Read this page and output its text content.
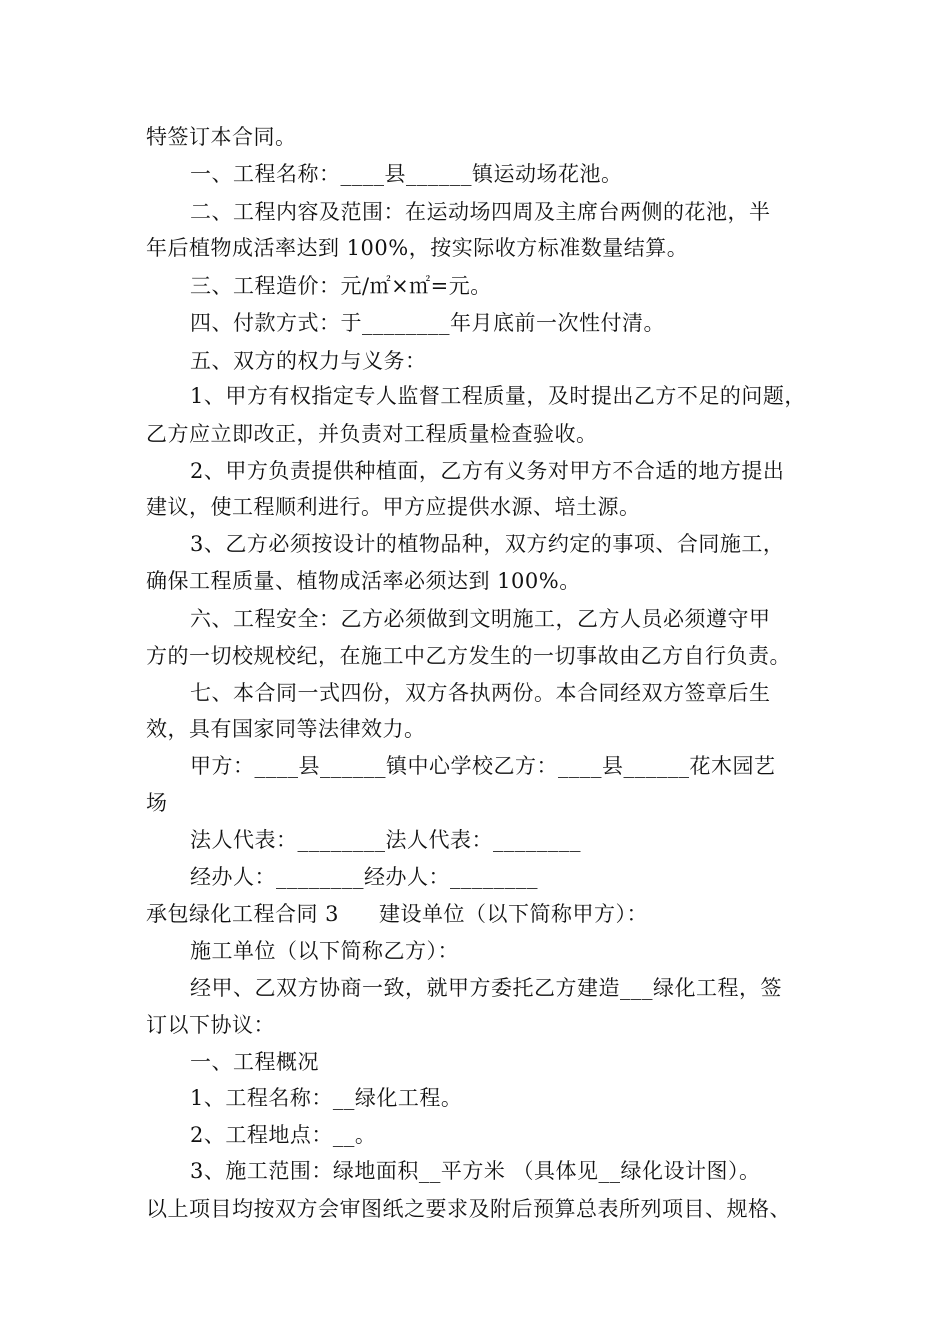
特签订本合同。
一、工程名称：____县______镇运动场花池。
二、工程内容及范围：在运动场四周及主席台两侧的花池，半
年后植物成活率达到 100%，按实际收方标准数量结算。
三、工程造价：元/㎡×㎡=元。
四、付款方式：于________年月底前一次性付清。
五、双方的权力与义务：
1、甲方有权指定专人监督工程质量，及时提出乙方不足的问题，
乙方应立即改正，并负责对工程质量检查验收。
2、甲方负责提供种植面，乙方有义务对甲方不合适的地方提出
建议，使工程顺利进行。甲方应提供水源、培土源。
3、乙方必须按设计的植物品种，双方约定的事项、合同施工，
确保工程质量、植物成活率必须达到 100%。
六、工程安全：乙方必须做到文明施工，乙方人员必须遵守甲
方的一切校规校纪，在施工中乙方发生的一切事故由乙方自行负责。
七、本合同一式四份，双方各执两份。本合同经双方签章后生
效，具有国家同等法律效力。
甲方：____县______镇中心学校乙方：____县______花木园艺
场
法人代表：________法人代表：________
经办人：________经办人：________
承包绿化工程合同 3 建设单位（以下简称甲方）：
施工单位（以下简称乙方）：
经甲、乙双方协商一致，就甲方委托乙方建造___绿化工程，签
订以下协议：
一、工程概况
1、工程名称：__绿化工程。
2、工程地点：__。
3、施工范围：绿地面积__平方米 （具体见__绿化设计图）。
以上项目均按双方会审图纸之要求及附后预算总表所列项目、规格、
